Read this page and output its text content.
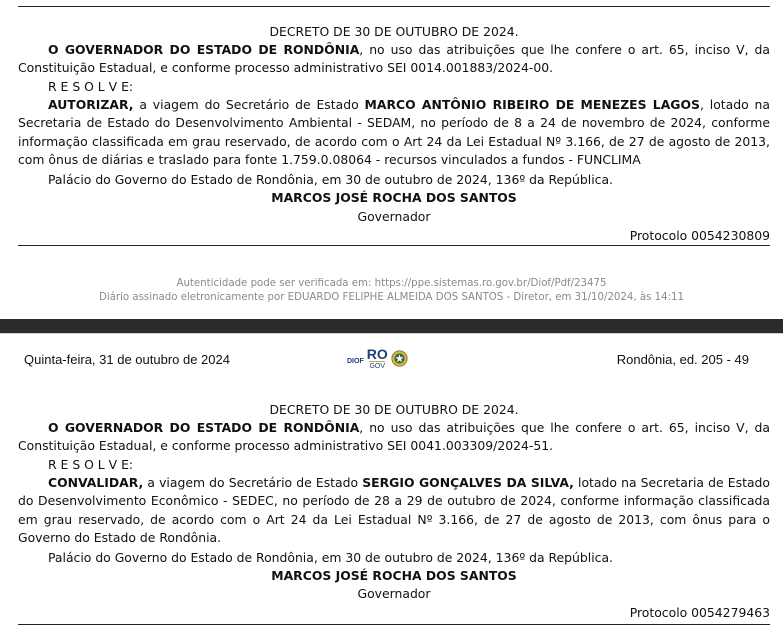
DECRETO DE 30 DE OUTUBRO DE 2024.
O GOVERNADOR DO ESTADO DE RONDÔNIA, no uso das atribuições que lhe confere o art. 65, inciso V, da Constituição Estadual, e conforme processo administrativo SEI 0014.001883/2024-00.
R E S O L V E:
AUTORIZAR, a viagem do Secretário de Estado MARCO ANTÔNIO RIBEIRO DE MENEZES LAGOS, lotado na Secretaria de Estado do Desenvolvimento Ambiental - SEDAM, no período de 8 a 24 de novembro de 2024, conforme informação classificada em grau reservado, de acordo com o Art 24 da Lei Estadual Nº 3.166, de 27 de agosto de 2013, com ônus de diárias e traslado para fonte 1.759.0.08064 - recursos vinculados a fundos - FUNCLIMA
Palácio do Governo do Estado de Rondônia, em 30 de outubro de 2024, 136º da República.
MARCOS JOSÉ ROCHA DOS SANTOS
Governador
Protocolo 0054230809
Autenticidade pode ser verificada em: https://ppe.sistemas.ro.gov.br/Diof/Pdf/23475
Diário assinado eletronicamente por EDUARDO FELIPHE ALMEIDA DOS SANTOS - Diretor, em 31/10/2024, às 14:11
Quinta-feira, 31 de outubro de 2024	DIOF RO
GOV	Rondônia, ed. 205 - 49
DECRETO DE 30 DE OUTUBRO DE 2024.
O GOVERNADOR DO ESTADO DE RONDÔNIA, no uso das atribuições que lhe confere o art. 65, inciso V, da Constituição Estadual, e conforme processo administrativo SEI 0041.003309/2024-51.
R E S O L V E:
CONVALIDAR, a viagem do Secretário de Estado SERGIO GONÇALVES DA SILVA, lotado na Secretaria de Estado do Desenvolvimento Econômico - SEDEC, no período de 28 a 29 de outubro de 2024, conforme informação classificada em grau reservado, de acordo com o Art 24 da Lei Estadual Nº 3.166, de 27 de agosto de 2013, com ônus para o Governo do Estado de Rondônia.
Palácio do Governo do Estado de Rondônia, em 30 de outubro de 2024, 136º da República.
MARCOS JOSÉ ROCHA DOS SANTOS
Governador
Protocolo 0054279463
